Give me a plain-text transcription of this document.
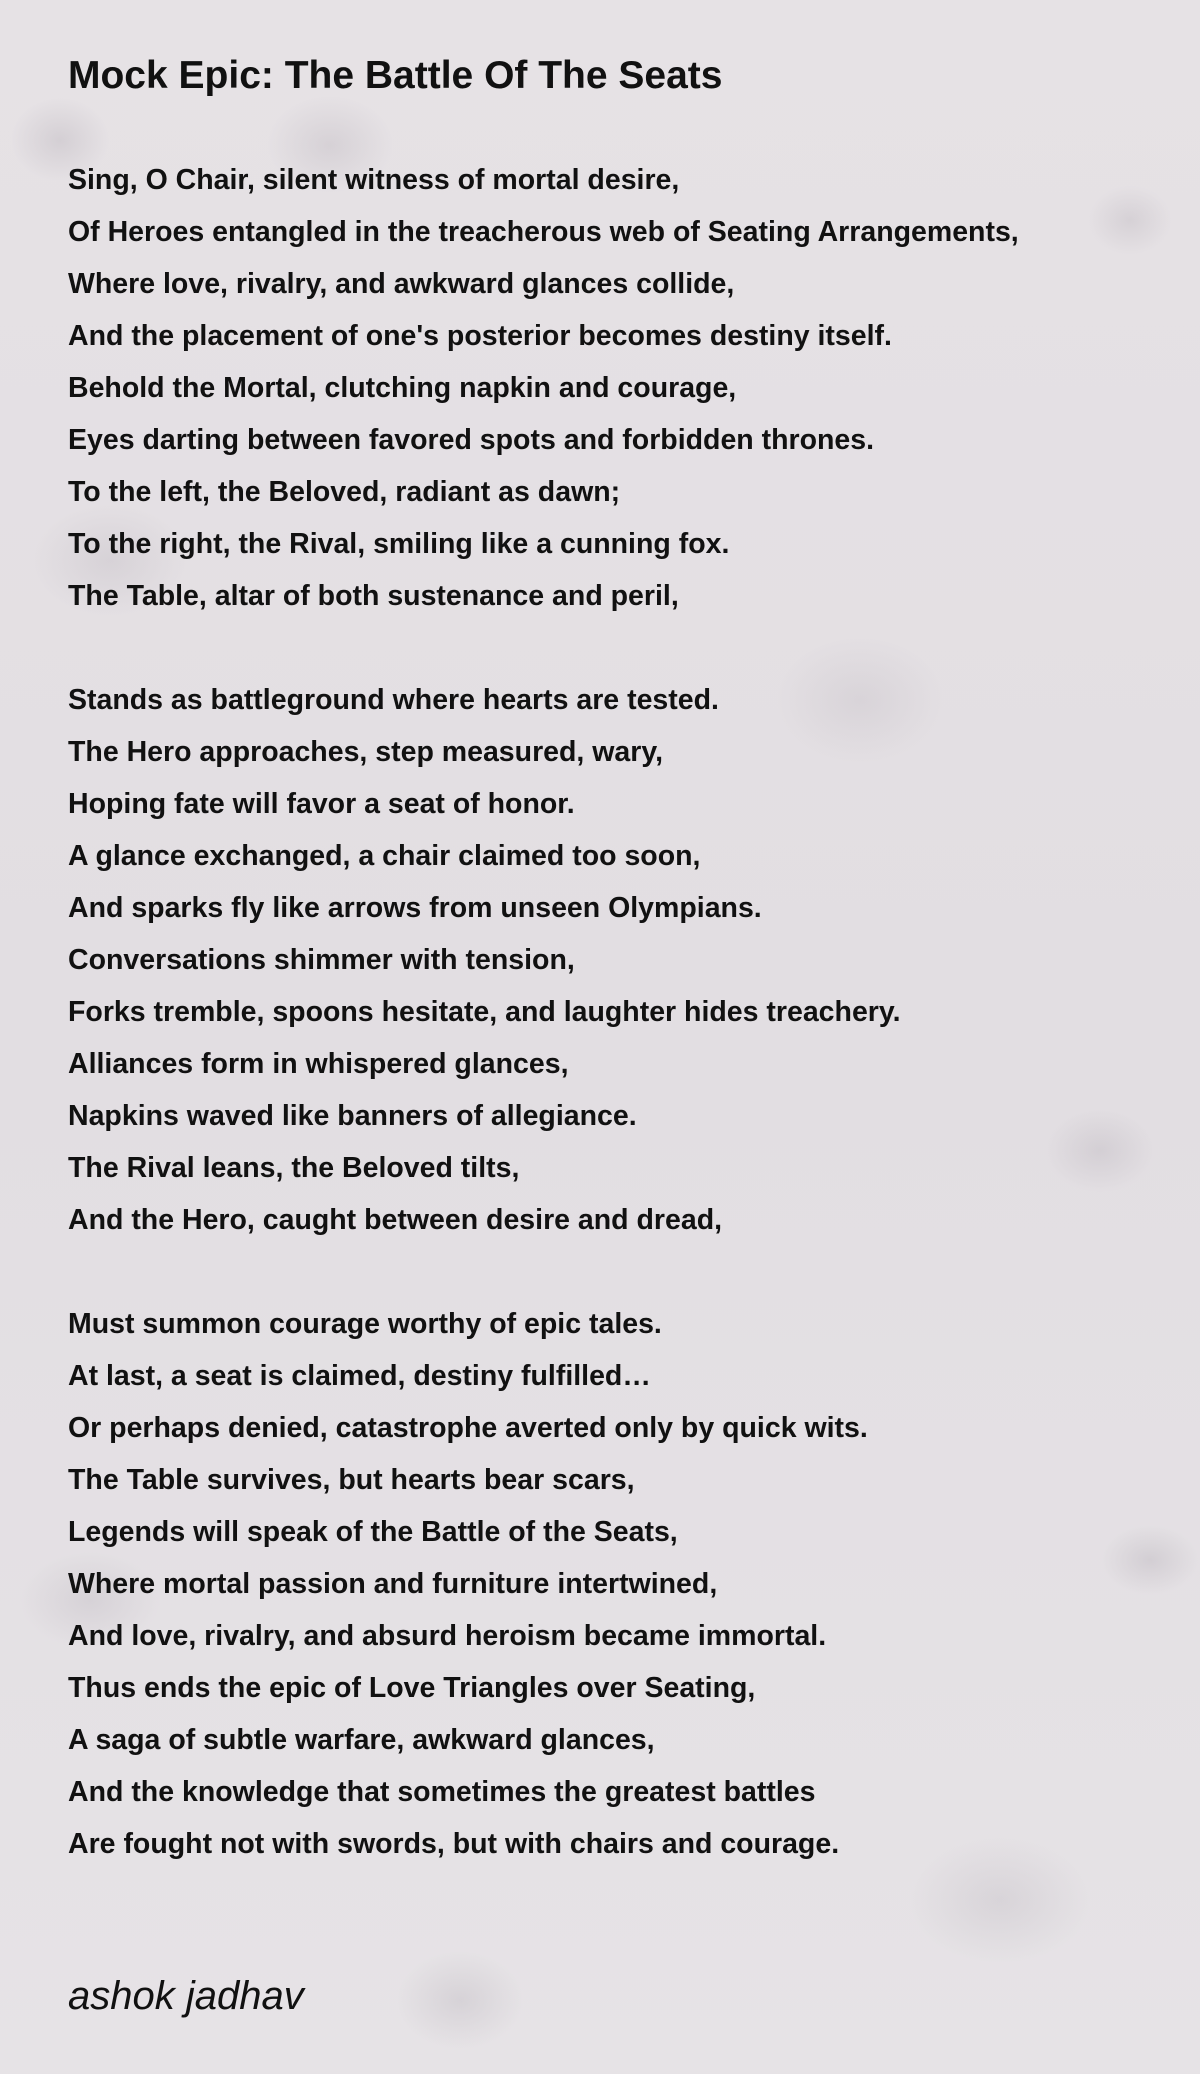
Mock Epic: The Battle Of The Seats
Sing, O Chair, silent witness of mortal desire,
Of Heroes entangled in the treacherous web of Seating Arrangements,
Where love, rivalry, and awkward glances collide,
And the placement of one's posterior becomes destiny itself.
Behold the Mortal, clutching napkin and courage,
Eyes darting between favored spots and forbidden thrones.
To the left, the Beloved, radiant as dawn;
To the right, the Rival, smiling like a cunning fox.
The Table, altar of both sustenance and peril,
Stands as battleground where hearts are tested.
The Hero approaches, step measured, wary,
Hoping fate will favor a seat of honor.
A glance exchanged, a chair claimed too soon,
And sparks fly like arrows from unseen Olympians.
Conversations shimmer with tension,
Forks tremble, spoons hesitate, and laughter hides treachery.
Alliances form in whispered glances,
Napkins waved like banners of allegiance.
The Rival leans, the Beloved tilts,
And the Hero, caught between desire and dread,
Must summon courage worthy of epic tales.
At last, a seat is claimed, destiny fulfilled…
Or perhaps denied, catastrophe averted only by quick wits.
The Table survives, but hearts bear scars,
Legends will speak of the Battle of the Seats,
Where mortal passion and furniture intertwined,
And love, rivalry, and absurd heroism became immortal.
Thus ends the epic of Love Triangles over Seating,
A saga of subtle warfare, awkward glances,
And the knowledge that sometimes the greatest battles
Are fought not with swords, but with chairs and courage.
ashok jadhav
